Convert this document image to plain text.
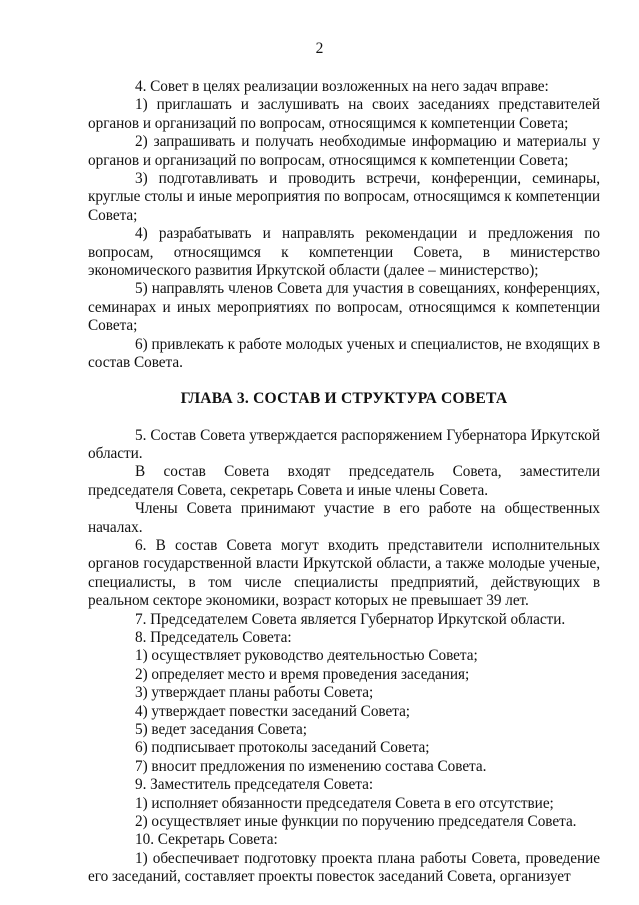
2

4. Совет в целях реализации возложенных на него задач вправе:

1) приглашать и заслушивать на своих заседаниях представителей органов и организаций по вопросам, относящимся к компетенции Совета;

2) запрашивать и получать необходимые информацию и материалы у органов и организаций по вопросам, относящимся к компетенции Совета;

3) подготавливать и проводить встречи, конференции, семинары, круглые столы и иные мероприятия по вопросам, относящимся к компетенции Совета;

4) разрабатывать и направлять рекомендации и предложения по вопросам, относящимся к компетенции Совета, в министерство экономического развития Иркутской области (далее – министерство);

5) направлять членов Совета для участия в совещаниях, конференциях, семинарах и иных мероприятиях по вопросам, относящимся к компетенции Совета;

6) привлекать к работе молодых ученых и специалистов, не входящих в состав Совета.

ГЛАВА 3. СОСТАВ И СТРУКТУРА СОВЕТА

5. Состав Совета утверждается распоряжением Губернатора Иркутской области.

В состав Совета входят председатель Совета, заместители председателя Совета, секретарь Совета и иные члены Совета.

Члены Совета принимают участие в его работе на общественных началах.

6. В состав Совета могут входить представители исполнительных органов государственной власти Иркутской области, а также молодые ученые, специалисты, в том числе специалисты предприятий, действующих в реальном секторе экономики, возраст которых не превышает 39 лет.

7. Председателем Совета является Губернатор Иркутской области.

8. Председатель Совета:

1) осуществляет руководство деятельностью Совета;

2) определяет место и время проведения заседания;

3) утверждает планы работы Совета;

4) утверждает повестки заседаний Совета;

5) ведет заседания Совета;

6) подписывает протоколы заседаний Совета;

7) вносит предложения по изменению состава Совета.

9. Заместитель председателя Совета:

1) исполняет обязанности председателя Совета в его отсутствие;

2) осуществляет иные функции по поручению председателя Совета.

10. Секретарь Совета:

1) обеспечивает подготовку проекта плана работы Совета, проведение его заседаний, составляет проекты повесток заседаний Совета, организует
